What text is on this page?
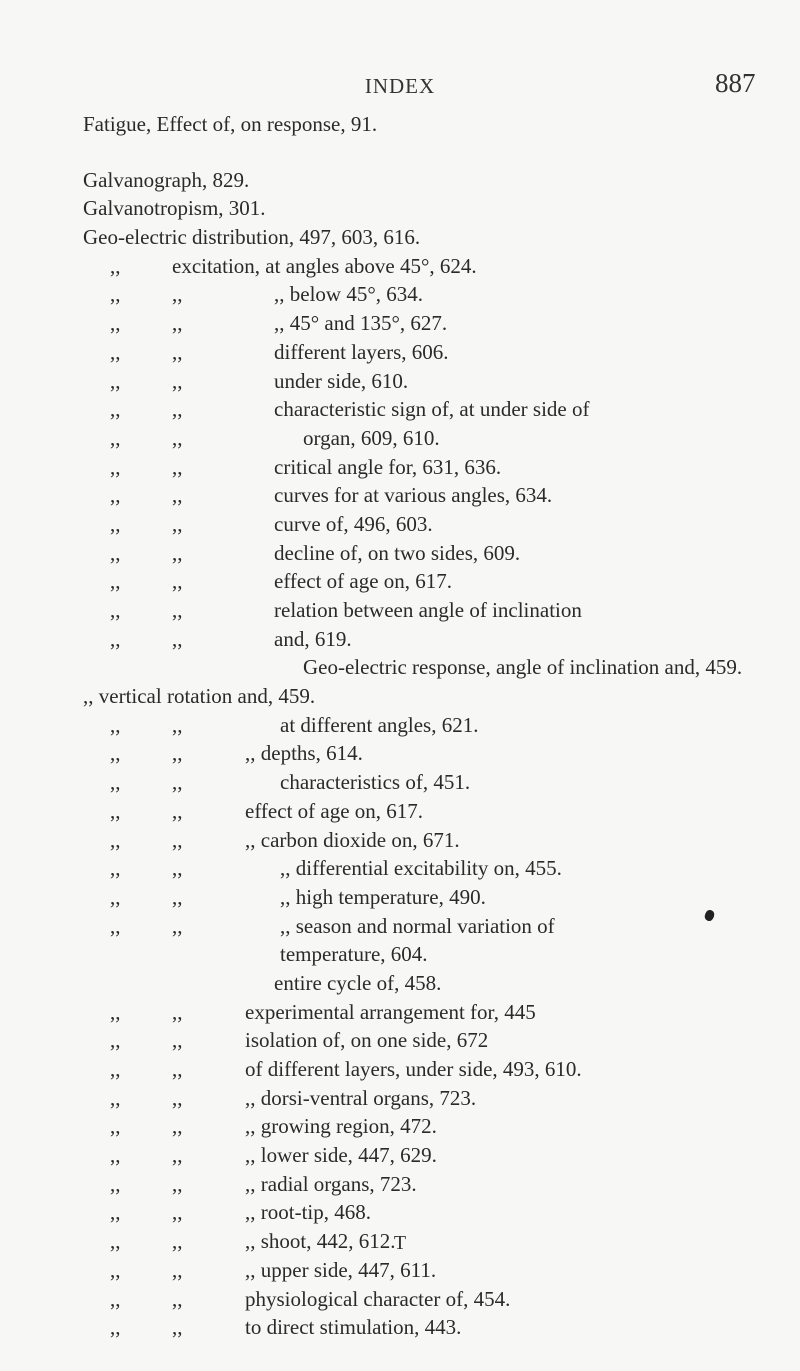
INDEX	887
Fatigue, Effect of, on response, 91.
Galvanograph, 829.
Galvanotropism, 301.
Geo-electric distribution, 497, 603, 616.
,, excitation, at angles above 45°, 624.
,, ,,	,, below 45°, 634.
,, ,,	,, 45° and 135°, 627.
,, ,,	different layers, 606.
,, ,,	under side, 610.
,, ,,	characteristic sign of, at under side of
,, ,,	organ, 609, 610.
,, ,,	critical angle for, 631, 636.
,, ,,	curves for at various angles, 634.
,, ,,	curve of, 496, 603.
,, ,,	decline of, on two sides, 609.
,, ,,	effect of age on, 617.
,, ,,	relation between angle of inclination
,, ,,	and, 619.
Geo-electric response, angle of inclination and, 459.
,, vertical rotation and, 459.
,, ,,	at different angles, 621.
,, ,,	,, depths, 614.
,, ,,	characteristics of, 451.
,, ,,	effect of age on, 617.
,, ,,	,, carbon dioxide on, 671.
,, ,,	,, differential excitability on, 455.
,, ,,	,, high temperature, 490.
,, ,,	,, season and normal variation of
temperature, 604.
entire cycle of, 458.
,, ,,	experimental arrangement for, 445
,, ,,	isolation of, on one side, 672
,, ,,	of different layers, under side, 493, 610.
,, ,,	,, dorsi-ventral organs, 723.
,, ,,	,, growing region, 472.
,, ,,	,, lower side, 447, 629.
,, ,,	,, radial organs, 723.
,, ,,	,, root-tip, 468.
,, ,,	,, shoot, 442, 612.
,, ,,	,, upper side, 447, 611.
,, ,,	physiological character of, 454.
,, ,,	to direct stimulation, 443.
T
